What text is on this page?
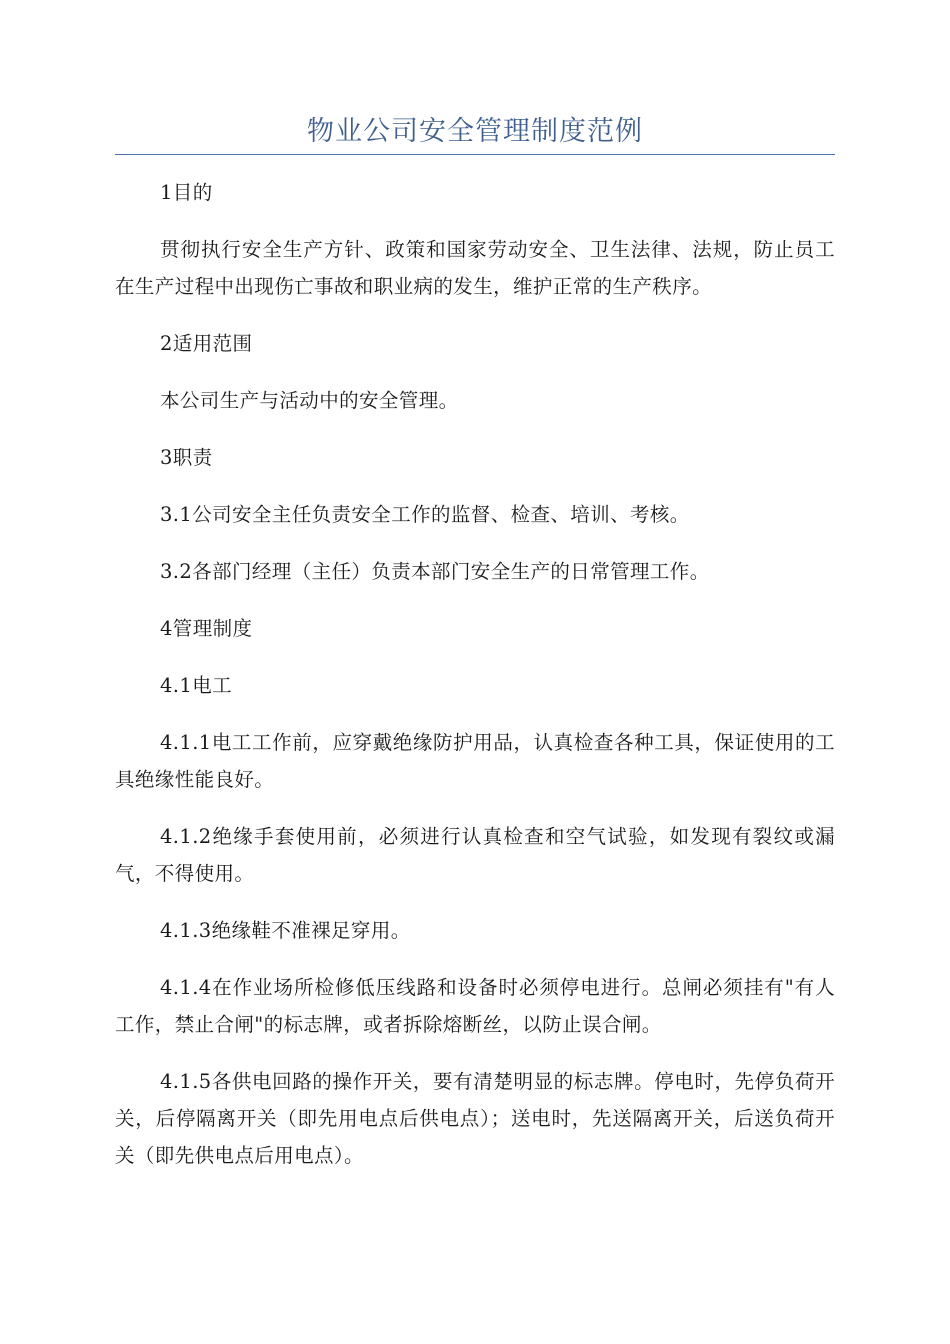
物业公司安全管理制度范例

1目的

贯彻执行安全生产方针、政策和国家劳动安全、卫生法律、法规，防止员工在生产过程中出现伤亡事故和职业病的发生，维护正常的生产秩序。

2适用范围

本公司生产与活动中的安全管理。

3职责

3.1公司安全主任负责安全工作的监督、检查、培训、考核。

3.2各部门经理（主任）负责本部门安全生产的日常管理工作。

4管理制度

4.1电工

4.1.1电工工作前，应穿戴绝缘防护用品，认真检查各种工具，保证使用的工具绝缘性能良好。

4.1.2绝缘手套使用前，必须进行认真检查和空气试验，如发现有裂纹或漏气，不得使用。

4.1.3绝缘鞋不准裸足穿用。

4.1.4在作业场所检修低压线路和设备时必须停电进行。总闸必须挂有"有人工作，禁止合闸"的标志牌，或者拆除熔断丝，以防止误合闸。

4.1.5各供电回路的操作开关，要有清楚明显的标志牌。停电时，先停负荷开关，后停隔离开关（即先用电点后供电点）；送电时，先送隔离开关，后送负荷开关（即先供电点后用电点）。
